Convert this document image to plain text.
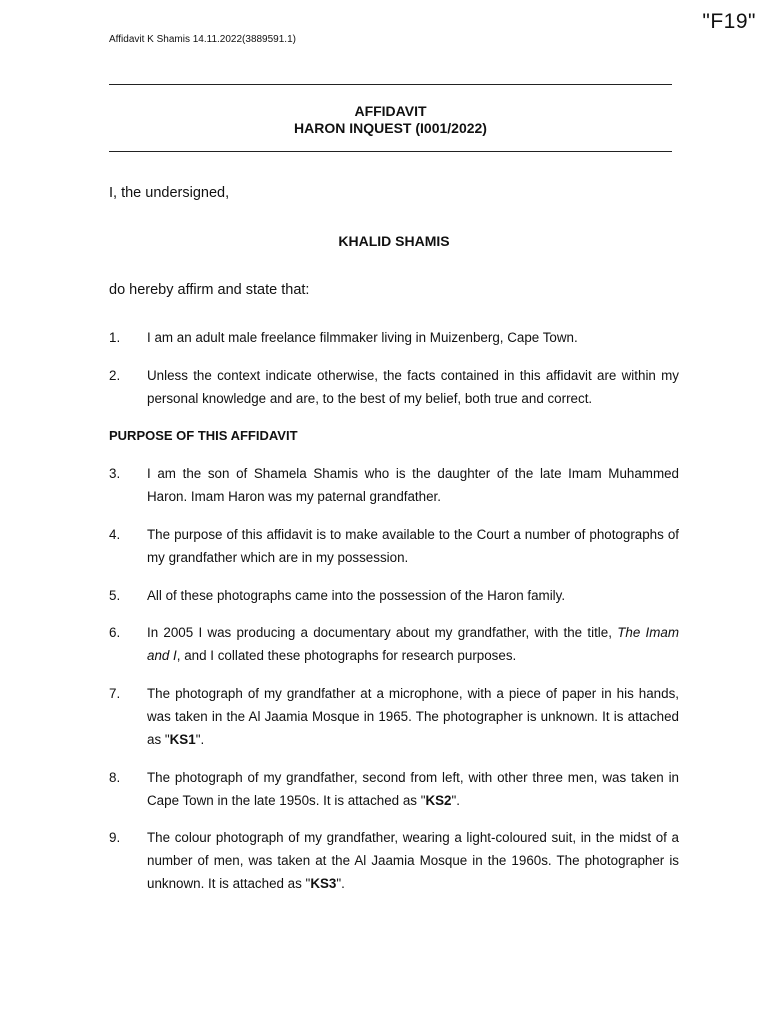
"F19"
Affidavit K Shamis 14.11.2022(3889591.1)
AFFIDAVIT
HARON INQUEST (I001/2022)
I, the undersigned,
KHALID SHAMIS
do hereby affirm and state that:
1. I am an adult male freelance filmmaker living in Muizenberg, Cape Town.
2. Unless the context indicate otherwise, the facts contained in this affidavit are within my personal knowledge and are, to the best of my belief, both true and correct.
PURPOSE OF THIS AFFIDAVIT
3. I am the son of Shamela Shamis who is the daughter of the late Imam Muhammed Haron. Imam Haron was my paternal grandfather.
4. The purpose of this affidavit is to make available to the Court a number of photographs of my grandfather which are in my possession.
5. All of these photographs came into the possession of the Haron family.
6. In 2005 I was producing a documentary about my grandfather, with the title, The Imam and I, and I collated these photographs for research purposes.
7. The photograph of my grandfather at a microphone, with a piece of paper in his hands, was taken in the Al Jaamia Mosque in 1965. The photographer is unknown. It is attached as "KS1".
8. The photograph of my grandfather, second from left, with other three men, was taken in Cape Town in the late 1950s. It is attached as "KS2".
9. The colour photograph of my grandfather, wearing a light-coloured suit, in the midst of a number of men, was taken at the Al Jaamia Mosque in the 1960s. The photographer is unknown. It is attached as "KS3".
